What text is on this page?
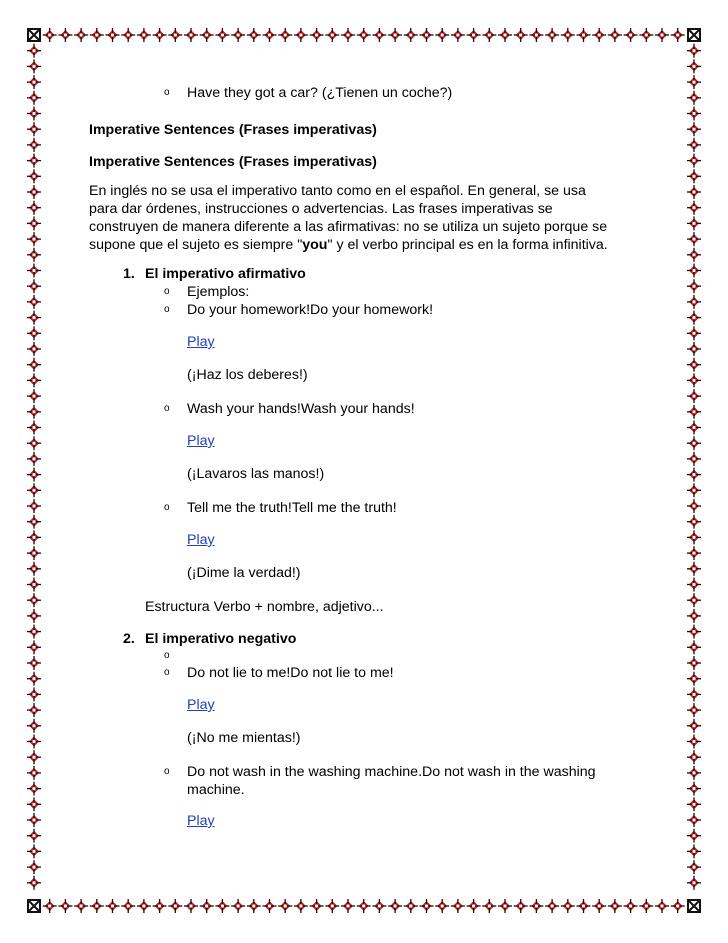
o Have they got a car? (¿Tienen un coche?)
Imperative Sentences (Frases imperativas)
Imperative Sentences (Frases imperativas)
En inglés no se usa el imperativo tanto como en el español. En general, se usa
para dar órdenes, instrucciones o advertencias. Las frases imperativas se
construyen de manera diferente a las afirmativas: no se utiliza un sujeto porque se
supone que el sujeto es siempre "you" y el verbo principal es en la forma infinitiva.
1. El imperativo afirmativo
o Ejemplos:
o Do your homework!Do your homework!
Play
(¡Haz los deberes!)
o Wash your hands!Wash your hands!
Play
(¡Lavaros las manos!)
o Tell me the truth!Tell me the truth!
Play
(¡Dime la verdad!)
Estructura Verbo + nombre, adjetivo...
2. El imperativo negativo
o
o Do not lie to me!Do not lie to me!
Play
(¡No me mientas!)
o Do not wash in the washing machine.Do not wash in the washing
machine.
Play
